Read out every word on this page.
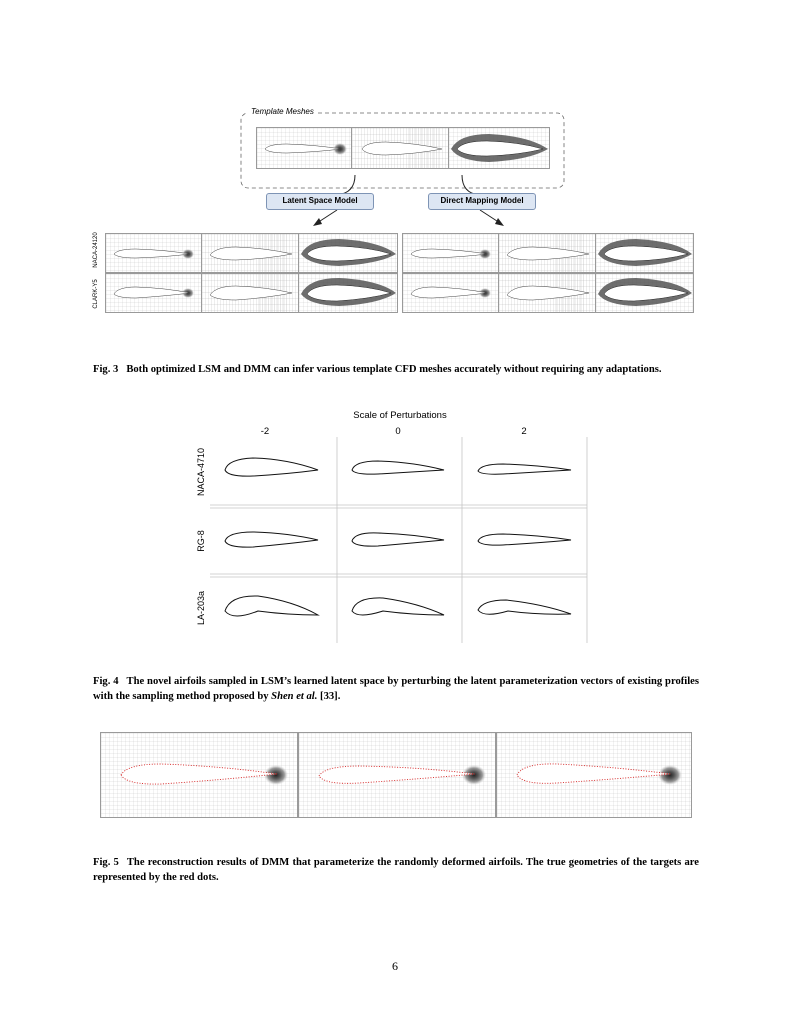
Template Meshes
Latent Space Model	Direct Mapping Model
NACA-24120
CLARK-Y5
Fig. 3 Both optimized LSM and DMM can infer various template CFD meshes accurately without requiring any adaptations.
Scale of Perturbations
-2	0	2
NACA-4710
RG-8
LA-203a
Fig. 4 The novel airfoils sampled in LSM’s learned latent space by perturbing the latent parameterization vectors of existing profiles with the sampling method proposed by Shen et al. [33].
Fig. 5 The reconstruction results of DMM that parameterize the randomly deformed airfoils. The true geometries of the targets are represented by the red dots.
6
